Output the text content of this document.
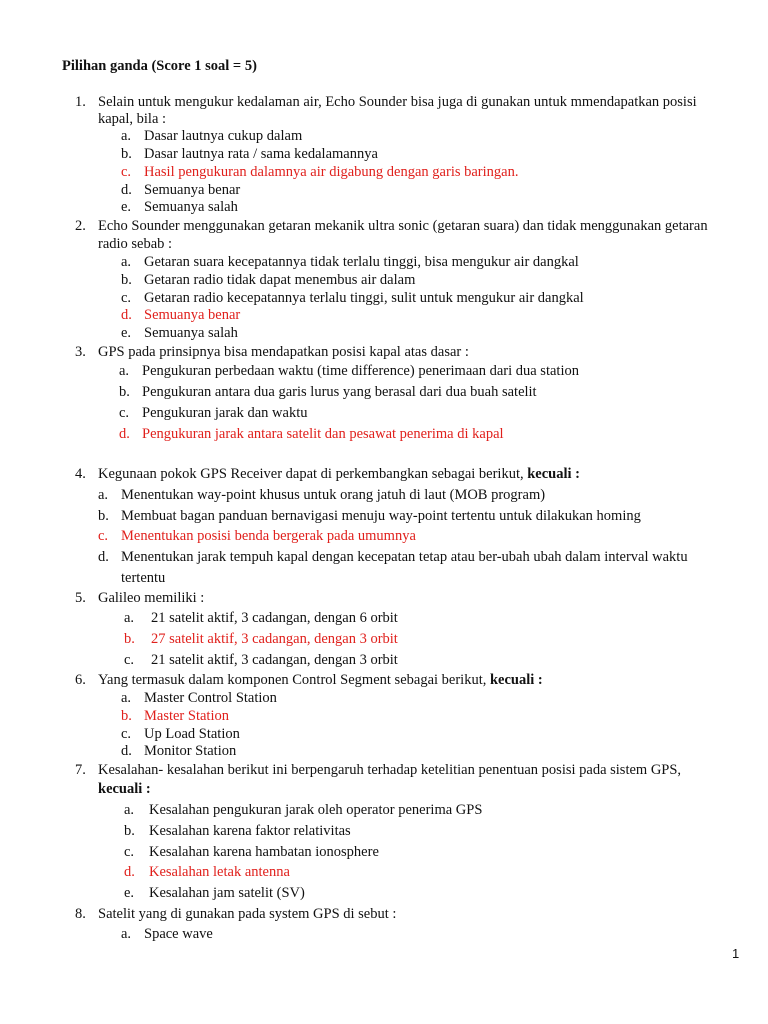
Pilihan ganda (Score 1 soal = 5)
1. Selain untuk mengukur kedalaman air, Echo Sounder bisa juga di gunakan untuk mmendapatkan posisi
kapal, bila :
a. Dasar lautnya cukup dalam
b. Dasar lautnya rata / sama kedalamannya
c. Hasil pengukuran dalamnya air digabung dengan garis baringan.
d. Semuanya benar
e. Semuanya salah
2. Echo Sounder menggunakan getaran mekanik ultra sonic (getaran suara) dan tidak menggunakan getaran
radio sebab :
a. Getaran suara kecepatannya tidak terlalu tinggi, bisa mengukur air dangkal
b. Getaran radio tidak dapat menembus air dalam
c. Getaran radio kecepatannya terlalu tinggi, sulit untuk mengukur air dangkal
d. Semuanya benar
e. Semuanya salah
3. GPS pada prinsipnya bisa mendapatkan posisi kapal atas dasar :
a. Pengukuran perbedaan waktu (time difference) penerimaan dari dua station
b. Pengukuran antara dua garis lurus yang berasal dari dua buah satelit
c. Pengukuran jarak dan waktu
d. Pengukuran jarak antara satelit dan pesawat penerima di kapal
4. Kegunaan pokok GPS Receiver dapat di perkembangkan sebagai berikut, kecuali :
a. Menentukan way-point khusus untuk orang jatuh di laut (MOB program)
b. Membuat bagan panduan bernavigasi menuju way-point tertentu untuk dilakukan homing
c. Menentukan posisi benda bergerak pada umumnya
d. Menentukan jarak tempuh kapal dengan kecepatan tetap atau ber-ubah ubah dalam interval waktu
tertentu
5. Galileo memiliki :
a. 21 satelit aktif, 3 cadangan, dengan 6 orbit
b. 27 satelit aktif, 3 cadangan, dengan 3 orbit
c. 21 satelit aktif, 3 cadangan, dengan 3 orbit
6. Yang termasuk dalam komponen Control Segment sebagai berikut, kecuali :
a. Master Control Station
b. Master Station
c. Up Load Station
d. Monitor Station
7. Kesalahan- kesalahan berikut ini berpengaruh terhadap ketelitian penentuan posisi pada sistem GPS,
kecuali :
a. Kesalahan pengukuran jarak oleh operator penerima GPS
b. Kesalahan karena faktor relativitas
c. Kesalahan karena hambatan ionosphere
d. Kesalahan letak antenna
e. Kesalahan jam satelit (SV)
8. Satelit yang di gunakan pada system GPS di sebut :
a. Space wave
1
